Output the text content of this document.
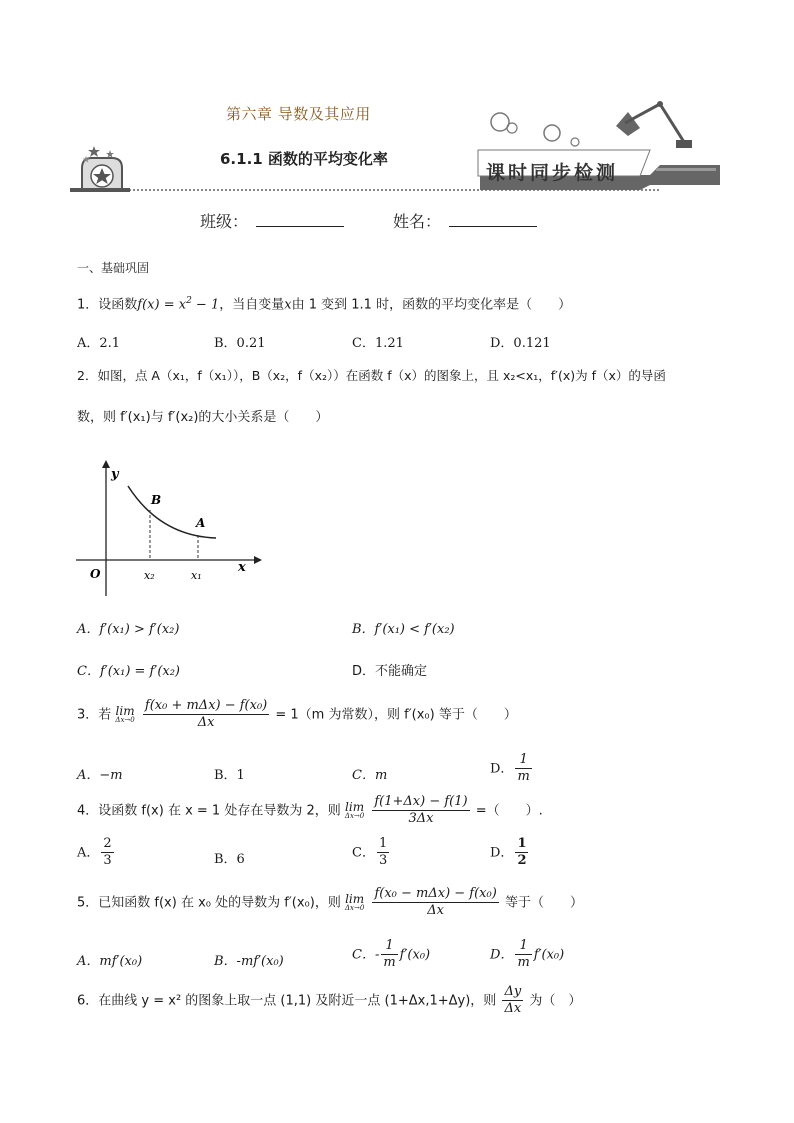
第六章 导数及其应用
6.1.1 函数的平均变化率
课时同步检测
班级：	姓名：
一、基础巩固
1．设函数$f(x) = x^2 - 1$，当自变量x由 1 变到 1.1 时，函数的平均变化率是（　　）
A．2.1	B．0.21	C．1.21	D．0.121
2．如图，点 A（x₁，f（x₁）），B（x₂，f（x₂））在函数 f（x）的图象上，且 x₂<x₁，f′(x)为 f（x）的导函
数，则 f′(x₁)与 f′(x₂)的大小关系是（　　）
y
x
O
B
A
x₂	x₁
A．f′(x₁) > f′(x₂)	B．f′(x₁) < f′(x₂)
C．f′(x₁) = f′(x₂)	D．不能确定
3．若 lim
Δx→0
$\frac{\text{f(x₀ + mΔx) − f(x₀)}}{\Delta x} = 1(m$ 为常数），则 f′(x₀) 等于（　　）
A．−m	B．1	C．m	D． $\frac{1}{m}$
4．设函数 f(x) 在 x = 1 处存在导数为 2，则 lim
Δx→0
$\frac{f(1+\Delta x) - f(1)}{3\Delta x}$ =（　　）.
A． $\frac{2}{3}$	B．6	C． $\frac{1}{3}$	D． $\frac{1}{2}$
5．已知函数 f(x) 在 x₀ 处的导数为 f′(x₀)，则 lim
Δx→0
$\frac{\text{f(x₀ − mΔx) − f(x₀)}}{\Delta x}$ 等于（　　）
A．mf′(x₀)	B．-mf′(x₀)	C．- $\frac{1}{m} f'(x_0)$	D． $\frac{1}{m} f'(x_0)$
6．在曲线 y = x² 的图象上取一点 (1,1) 及附近一点 (1+Δx,1+Δy)，则 $\frac{\Delta y}{\Delta x}$ 为（　）
